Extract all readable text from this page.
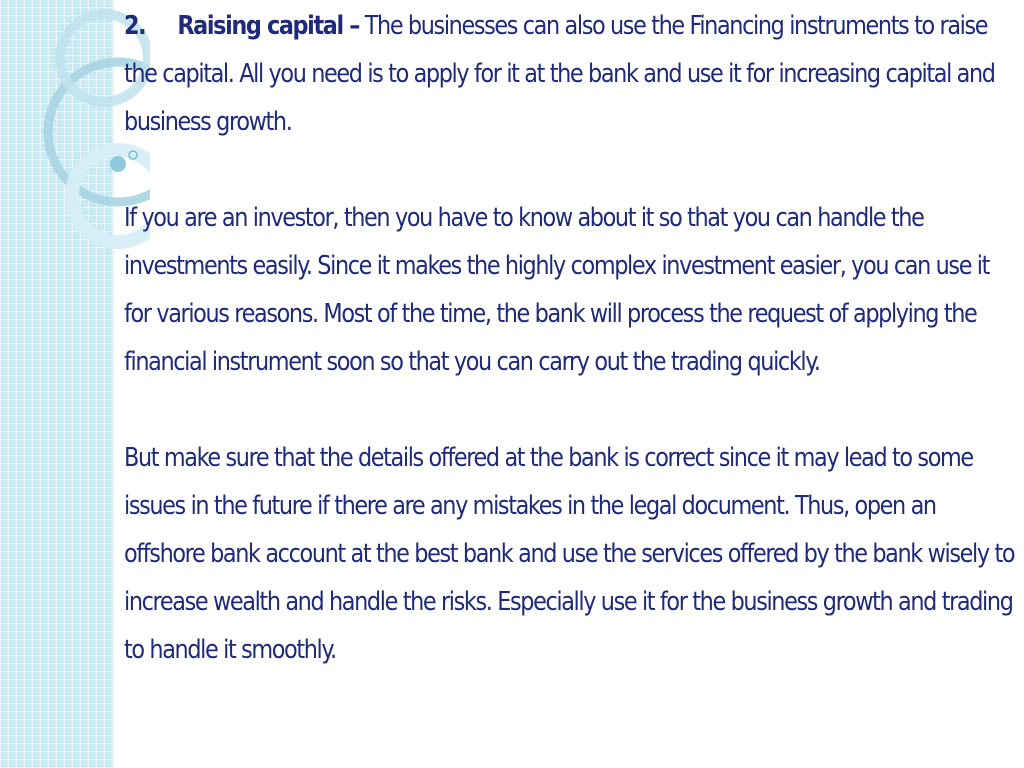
2. Raising capital – The businesses can also use the Financing instruments to raise the capital. All you need is to apply for it at the bank and use it for increasing capital and business growth.

If you are an investor, then you have to know about it so that you can handle the investments easily. Since it makes the highly complex investment easier, you can use it for various reasons. Most of the time, the bank will process the request of applying the financial instrument soon so that you can carry out the trading quickly.

But make sure that the details offered at the bank is correct since it may lead to some issues in the future if there are any mistakes in the legal document. Thus, open an offshore bank account at the best bank and use the services offered by the bank wisely to increase wealth and handle the risks. Especially use it for the business growth and trading to handle it smoothly.
